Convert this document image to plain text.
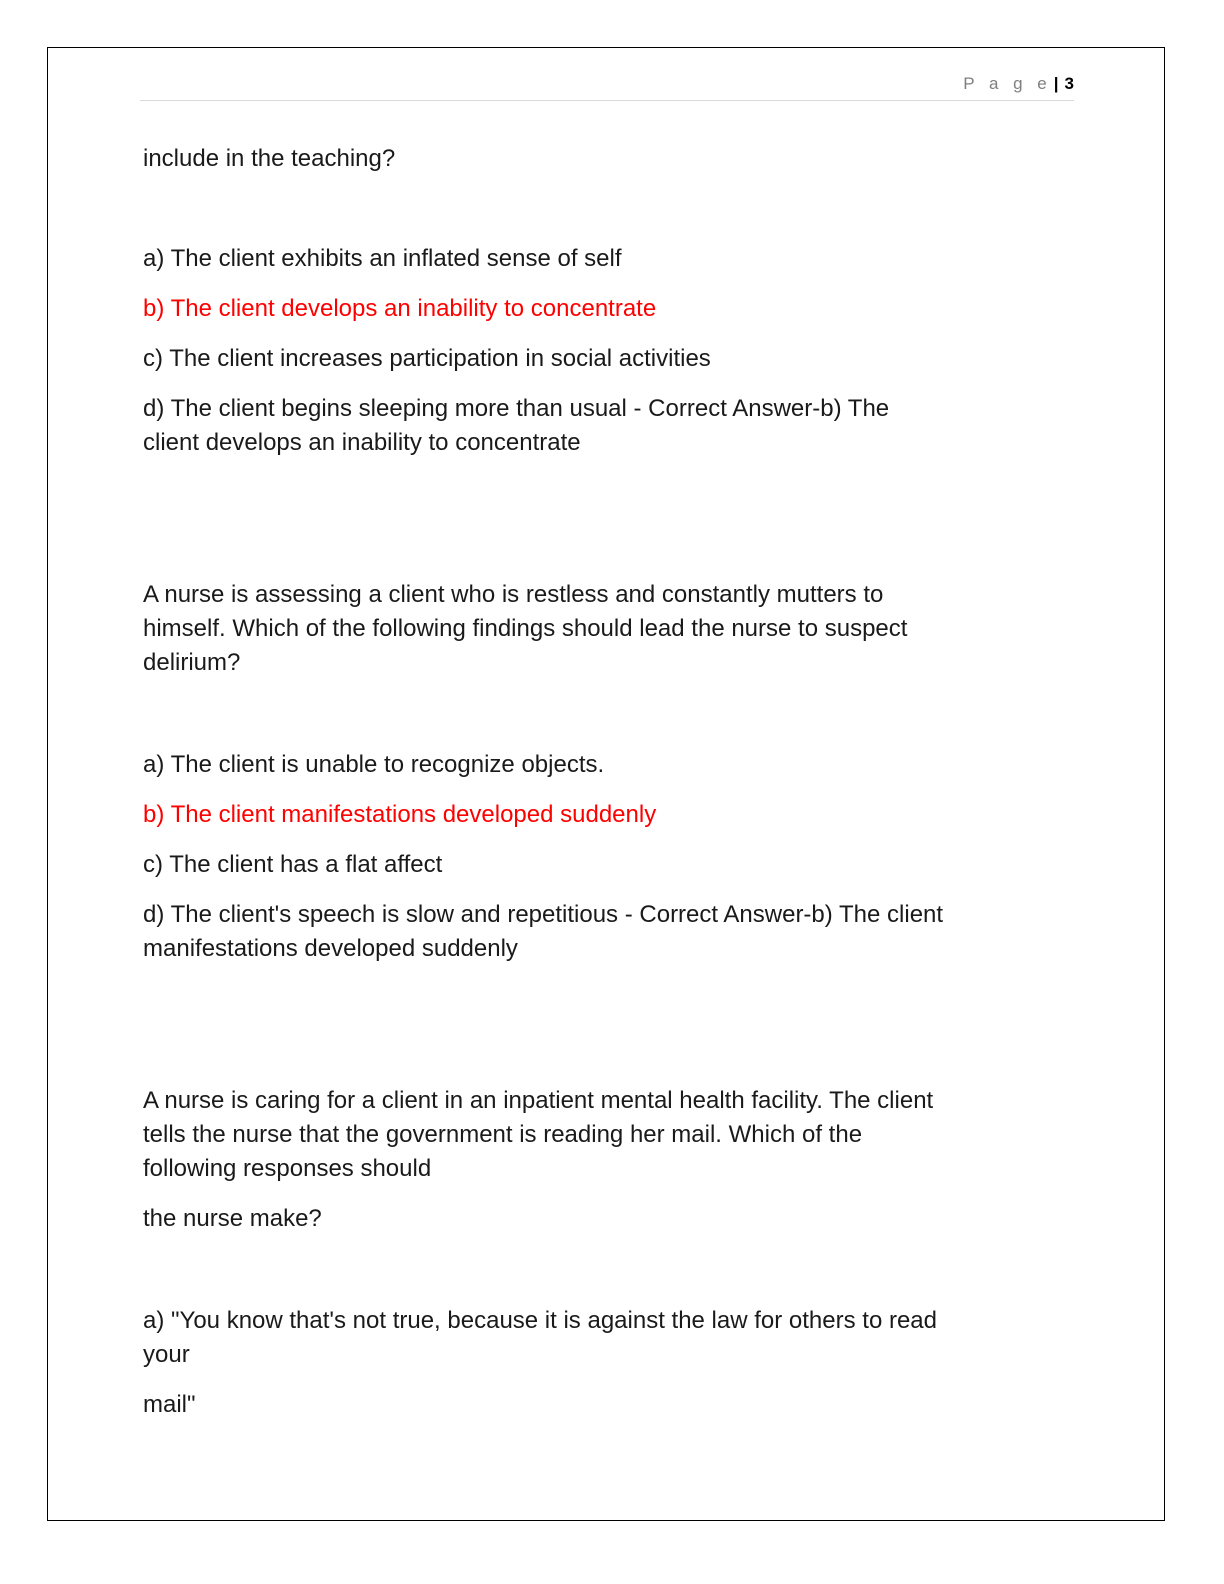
P a g e | 3

include in the teaching?

a) The client exhibits an inflated sense of self

b) The client develops an inability to concentrate

c) The client increases participation in social activities

d) The client begins sleeping more than usual - Correct Answer-b) The

client develops an inability to concentrate

A nurse is assessing a client who is restless and constantly mutters to

himself. Which of the following findings should lead the nurse to suspect

delirium?

a) The client is unable to recognize objects.

b) The client manifestations developed suddenly

c) The client has a flat affect

d) The client's speech is slow and repetitious - Correct Answer-b) The client

manifestations developed suddenly

A nurse is caring for a client in an inpatient mental health facility. The client

tells the nurse that the government is reading her mail. Which of the

following responses should

the nurse make?

a) "You know that's not true, because it is against the law for others to read

your

mail"
